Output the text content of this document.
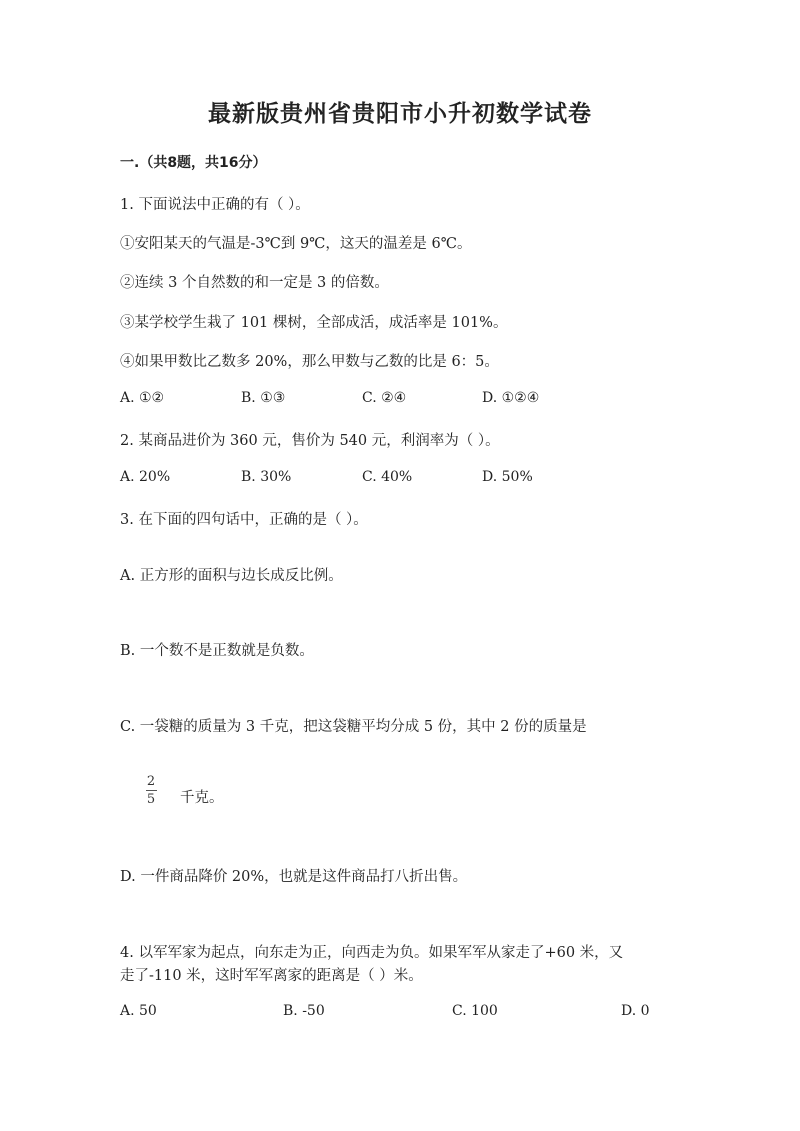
最新版贵州省贵阳市小升初数学试卷
一.（共8题，共16分）
1. 下面说法中正确的有（ ）。
①安阳某天的气温是-3℃到 9℃，这天的温差是 6℃。
②连续 3 个自然数的和一定是 3 的倍数。
③某学校学生栽了 101 棵树，全部成活，成活率是 101%。
④如果甲数比乙数多 20%，那么甲数与乙数的比是 6：5。
A. ①②	B. ①③	C. ②④	D. ①②④
2. 某商品进价为 360 元，售价为 540 元，利润率为（ ）。
A. 20%	B. 30%	C. 40%	D. 50%
3. 在下面的四句话中，正确的是（ ）。
A. 正方形的面积与边长成反比例。
B. 一个数不是正数就是负数。
C. 一袋糖的质量为 3 千克，把这袋糖平均分成 5 份，其中 2 份的质量是
2
5 千克。
D. 一件商品降价 20%，也就是这件商品打八折出售。
4. 以军军家为起点，向东走为正，向西走为负。如果军军从家走了+60 米，又
走了-110 米，这时军军离家的距离是（ ）米。
A. 50	B. -50	C. 100	D. 0
